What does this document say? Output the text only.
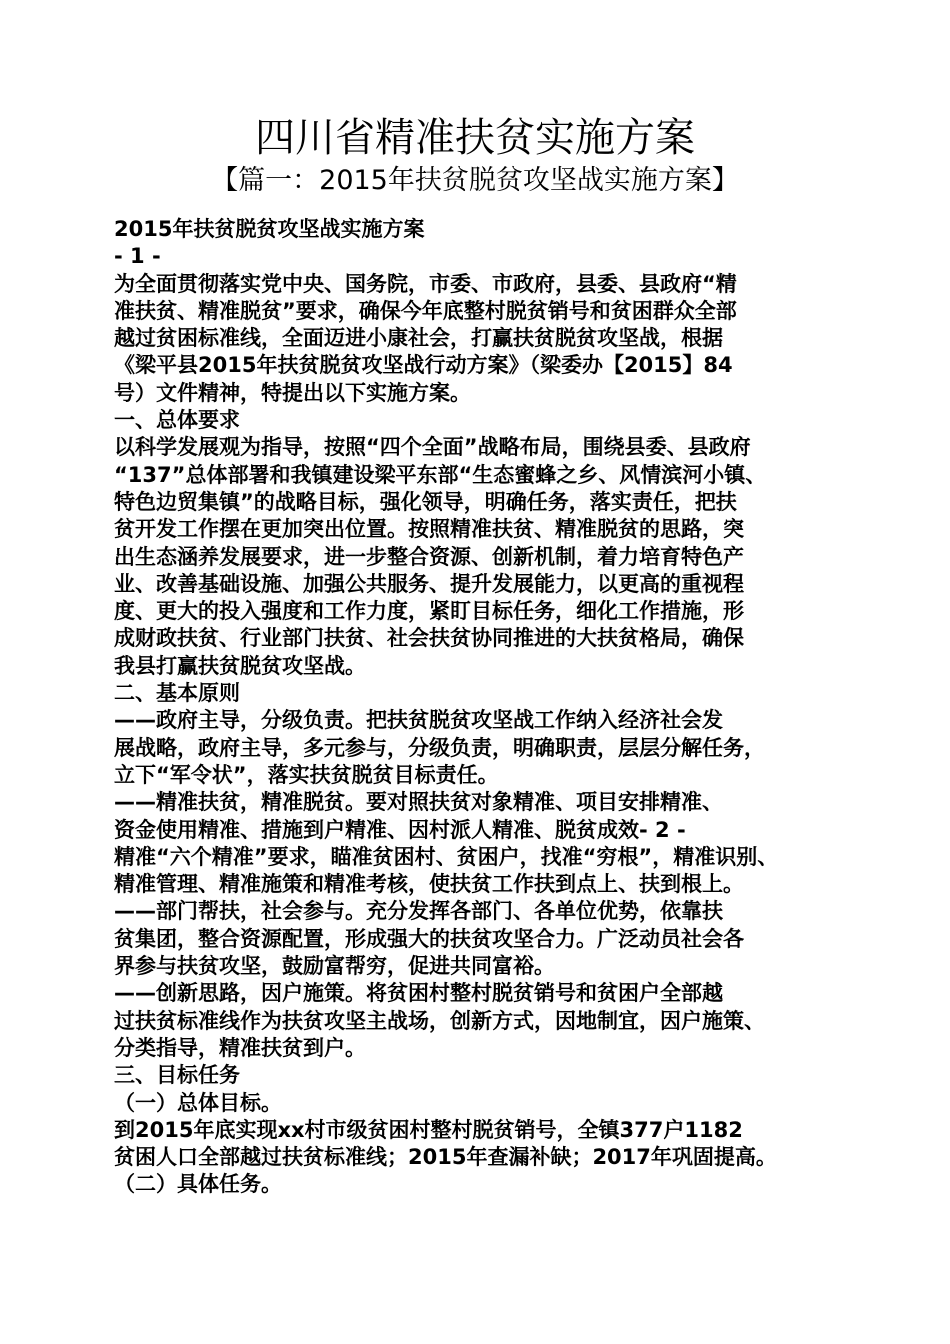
四川省精准扶贫实施方案
【篇一：2015年扶贫脱贫攻坚战实施方案】
2015年扶贫脱贫攻坚战实施方案
- 1 -
为全面贯彻落实党中央、国务院，市委、市政府，县委、县政府“精
准扶贫、精准脱贫”要求，确保今年底整村脱贫销号和贫困群众全部
越过贫困标准线，全面迈进小康社会，打赢扶贫脱贫攻坚战，根据
《梁平县2015年扶贫脱贫攻坚战行动方案》（梁委办【2015】84
号）文件精神，特提出以下实施方案。
一、总体要求
以科学发展观为指导，按照“四个全面”战略布局，围绕县委、县政府
“137”总体部署和我镇建设梁平东部“生态蜜蜂之乡、风情滨河小镇、
特色边贸集镇”的战略目标，强化领导，明确任务，落实责任，把扶
贫开发工作摆在更加突出位置。按照精准扶贫、精准脱贫的思路，突
出生态涵养发展要求，进一步整合资源、创新机制，着力培育特色产
业、改善基础设施、加强公共服务、提升发展能力，以更高的重视程
度、更大的投入强度和工作力度，紧盯目标任务，细化工作措施，形
成财政扶贫、行业部门扶贫、社会扶贫协同推进的大扶贫格局，确保
我县打赢扶贫脱贫攻坚战。
二、基本原则
——政府主导，分级负责。把扶贫脱贫攻坚战工作纳入经济社会发
展战略，政府主导，多元参与，分级负责，明确职责，层层分解任务，
立下“军令状”，落实扶贫脱贫目标责任。
——精准扶贫，精准脱贫。要对照扶贫对象精准、项目安排精准、
资金使用精准、措施到户精准、因村派人精准、脱贫成效- 2 -
精准“六个精准”要求，瞄准贫困村、贫困户，找准“穷根”，精准识别、
精准管理、精准施策和精准考核，使扶贫工作扶到点上、扶到根上。
——部门帮扶，社会参与。充分发挥各部门、各单位优势，依靠扶
贫集团，整合资源配置，形成强大的扶贫攻坚合力。广泛动员社会各
界参与扶贫攻坚，鼓励富帮穷，促进共同富裕。
——创新思路，因户施策。将贫困村整村脱贫销号和贫困户全部越
过扶贫标准线作为扶贫攻坚主战场，创新方式，因地制宜，因户施策、
分类指导，精准扶贫到户。
三、目标任务
（一）总体目标。
到2015年底实现xx村市级贫困村整村脱贫销号，全镇377户1182
贫困人口全部越过扶贫标准线；2015年查漏补缺；2017年巩固提高。
（二）具体任务。
